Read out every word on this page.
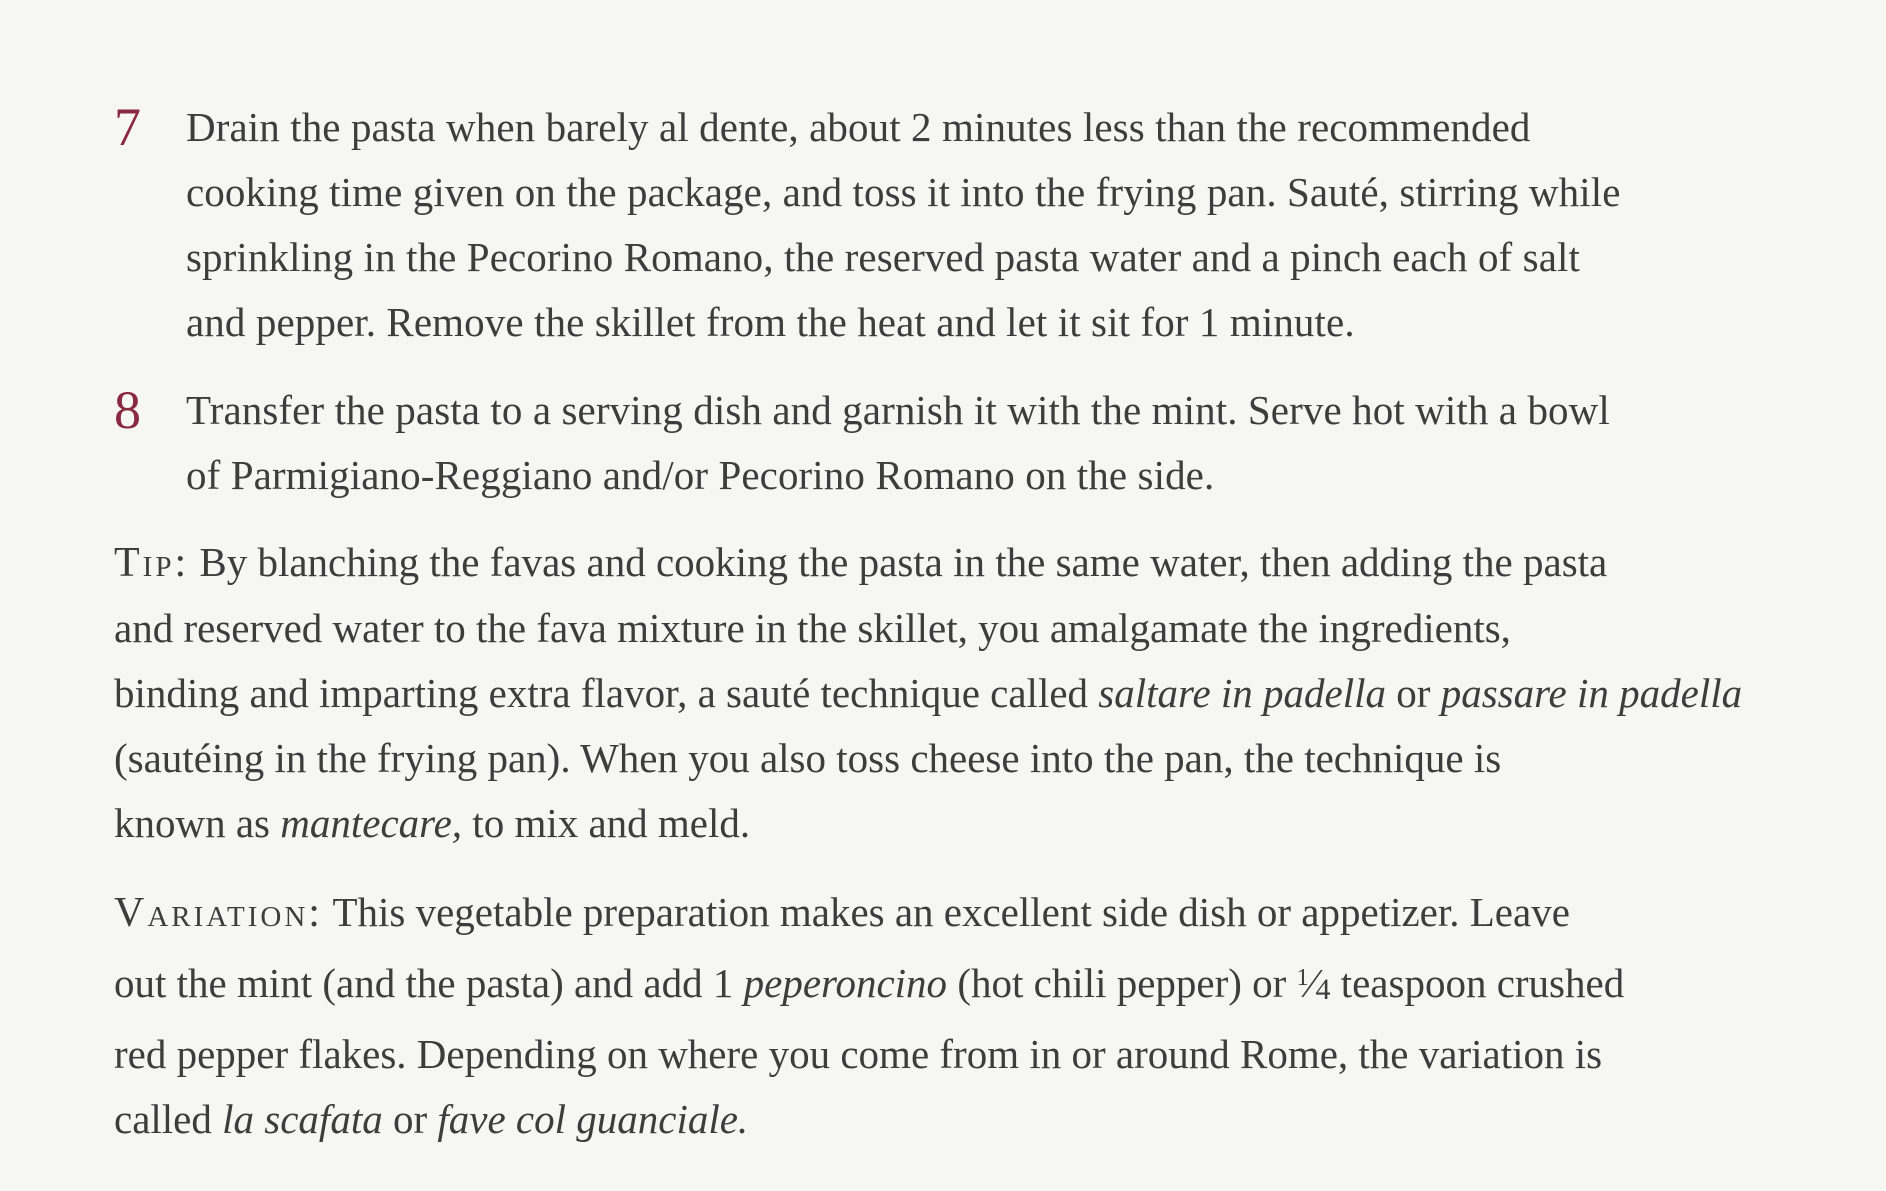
7	Drain the pasta when barely al dente, about 2 minutes less than the recommended
cooking time given on the package, and toss it into the frying pan. Sauté, stirring while
sprinkling in the Pecorino Romano, the reserved pasta water and a pinch each of salt
and pepper. Remove the skillet from the heat and let it sit for 1 minute.

8	Transfer the pasta to a serving dish and garnish it with the mint. Serve hot with a bowl
of Parmigiano-Reggiano and/or Pecorino Romano on the side.

Tip: By blanching the favas and cooking the pasta in the same water, then adding the pasta
and reserved water to the fava mixture in the skillet, you amalgamate the ingredients,
binding and imparting extra flavor, a sauté technique called saltare in padella or passare in padella
(sautéing in the frying pan). When you also toss cheese into the pan, the technique is
known as mantecare, to mix and meld.

Variation: This vegetable preparation makes an excellent side dish or appetizer. Leave
out the mint (and the pasta) and add 1 peperoncino (hot chili pepper) or $^1⁄_4$ teaspoon crushed
red pepper flakes. Depending on where you come from in or around Rome, the variation is
called la scafata or fave col guanciale.
